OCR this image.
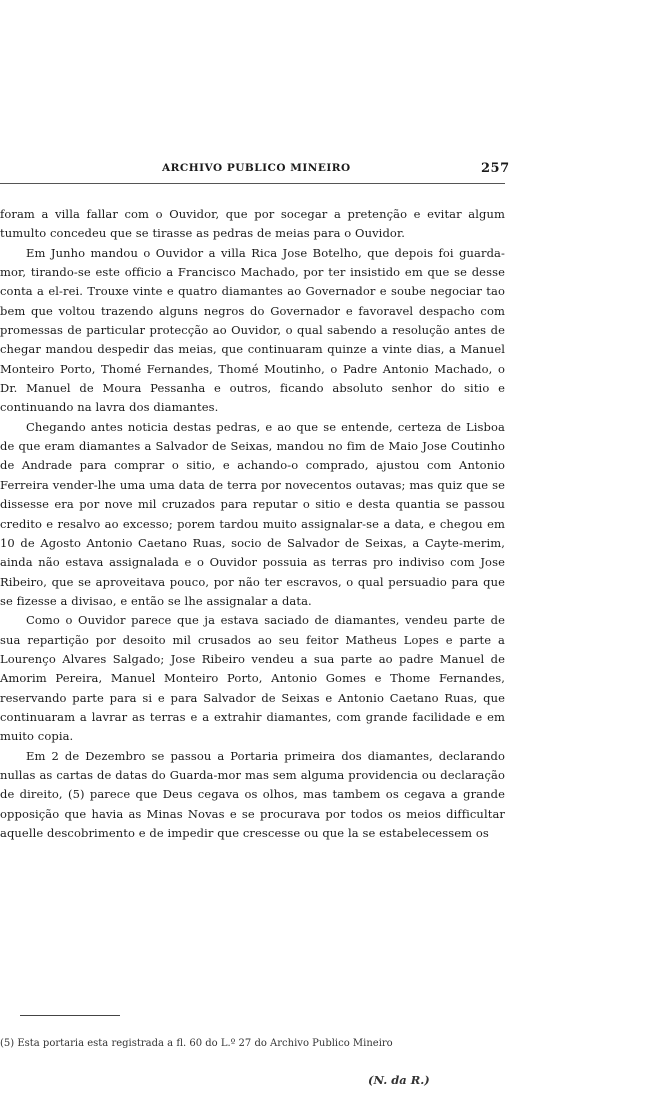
ARCHIVO PUBLICO MINEIRO	257

foram a villa fallar com o Ouvidor, que por socegar a pretenção e evitar algum tumulto concedeu que se tirasse as pedras de meias para o Ouvidor.

Em Junho mandou o Ouvidor a villa Rica Jose Botelho, que depois foi guarda-mor, tirando-se este officio a Francisco Machado, por ter insistido em que se desse conta a el-rei. Trouxe vinte e quatro diamantes ao Governador e soube negociar tao bem que voltou trazendo alguns negros do Governador e favoravel despacho com promessas de particular protecção ao Ouvidor, o qual sabendo a resolução antes de chegar mandou despedir das meias, que continuaram quinze a vinte dias, a Manuel Monteiro Porto, Thomé Fernandes, Thomé Moutinho, o Padre Antonio Machado, o Dr. Manuel de Moura Pessanha e outros, ficando absoluto senhor do sitio e continuando na lavra dos diamantes.

Chegando antes noticia destas pedras, e ao que se entende, certeza de Lisboa de que eram diamantes a Salvador de Seixas, mandou no fim de Maio Jose Coutinho de Andrade para comprar o sitio, e achando-o comprado, ajustou com Antonio Ferreira vender-lhe uma uma data de terra por novecentos outavas; mas quiz que se dissesse era por nove mil cruzados para reputar o sitio e desta quantia se passou credito e resalvo ao excesso; porem tardou muito assignalar-se a data, e chegou em 10 de Agosto Antonio Caetano Ruas, socio de Salvador de Seixas, a Cayte-merim, ainda não estava assignalada e o Ouvidor possuia as terras pro indiviso com Jose Ribeiro, que se aproveitava pouco, por não ter escravos, o qual persuadio para que se fizesse a divisao, e então se lhe assignalar a data.

Como o Ouvidor parece que ja estava saciado de diamantes, vendeu parte de sua repartição por desoito mil crusados ao seu feitor Matheus Lopes e parte a Lourenço Alvares Salgado; Jose Ribeiro vendeu a sua parte ao padre Manuel de Amorim Pereira, Manuel Monteiro Porto, Antonio Gomes e Thome Fernandes, reservando parte para si e para Salvador de Seixas e Antonio Caetano Ruas, que continuaram a lavrar as terras e a extrahir diamantes, com grande facilidade e em muito copia.

Em 2 de Dezembro se passou a Portaria primeira dos diamantes, declarando nullas as cartas de datas do Guarda-mor mas sem alguma providencia ou declaração de direito, (5) parece que Deus cegava os olhos, mas tambem os cegava a grande opposição que havia as Minas Novas e se procurava por todos os meios difficultar aquelle descobrimento e de impedir que crescesse ou que la se estabelecessem os

(5) Esta portaria esta registrada a fl. 60 do L.º 27 do Archivo Publico Mineiro
(N. da R.)
